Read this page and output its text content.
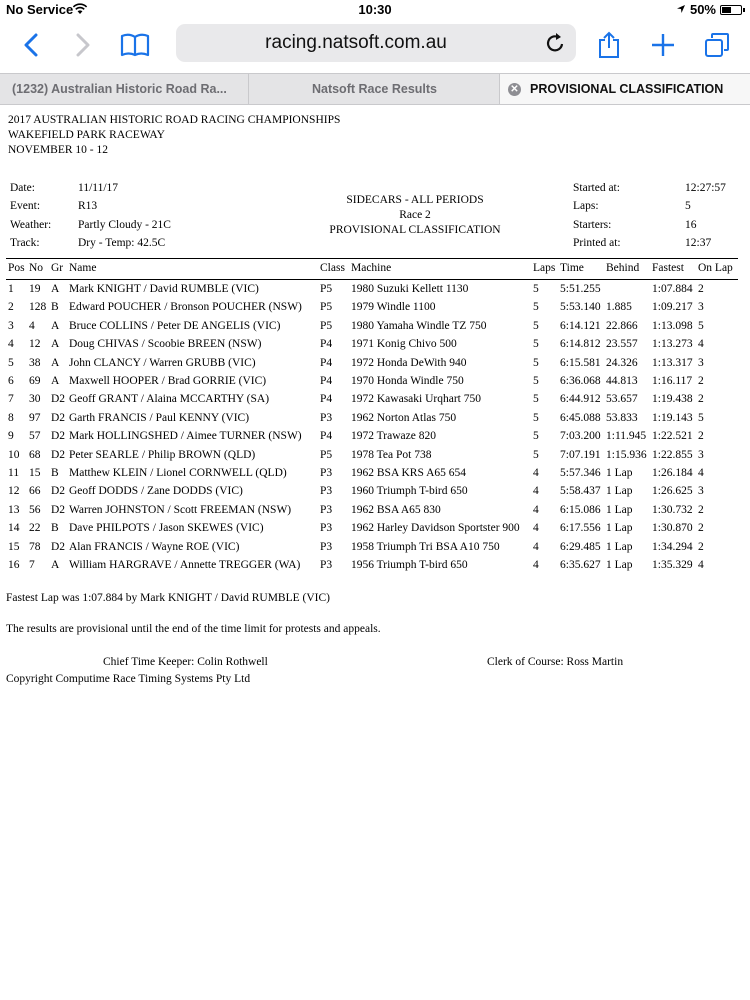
No Service	10:30	50%
racing.natsoft.com.au
(1232) Australian Historic Road Ra...	Natsoft Race Results	✕ PROVISIONAL CLASSIFICATION
2017 AUSTRALIAN HISTORIC ROAD RACING CHAMPIONSHIPS
WAKEFIELD PARK RACEWAY
NOVEMBER 10 - 12
Date:	11/11/17
Event:	R13
Weather: Partly Cloudy - 21C
Track:	Dry - Temp: 42.5C
SIDECARS - ALL PERIODS
Race 2
PROVISIONAL CLASSIFICATION
Started at:	12:27:57
Laps:	5
Starters:	16
Printed at:	12:37
Pos No Gr Name	Class Machine	Laps Time Behind Fastest On Lap
1 19 A Mark KNIGHT / David RUMBLE (VIC)	P5 1980 Suzuki Kellett 1130	5 5:51.255	1:07.884 2
2 128 B Edward POUCHER / Bronson POUCHER (NSW) P5 1979 Windle 1100	5 5:53.140 1.885 1:09.217 3
3 4 A Bruce COLLINS / Peter DE ANGELIS (VIC)	P5 1980 Yamaha Windle TZ 750	5 6:14.121 22.866 1:13.098 5
4 12 A Doug CHIVAS / Scoobie BREEN (NSW)	P4 1971 Konig Chivo 500	5 6:14.812 23.557 1:13.273 4
5 38 A John CLANCY / Warren GRUBB (VIC)	P4 1972 Honda DeWith 940	5 6:15.581 24.326 1:13.317 3
6 69 A Maxwell HOOPER / Brad GORRIE (VIC)	P4 1970 Honda Windle 750	5 6:36.068 44.813 1:16.117 2
7 30 D2 Geoff GRANT / Alaina MCCARTHY (SA)	P4 1972 Kawasaki Urqhart 750	5 6:44.912 53.657 1:19.438 2
8 97 D2 Garth FRANCIS / Paul KENNY (VIC)	P3 1962 Norton Atlas 750	5 6:45.088 53.833 1:19.143 5
9 57 D2 Mark HOLLINGSHED / Aimee TURNER (NSW) P4 1972 Trawaze 820	5 7:03.200 1:11.945 1:22.521 2
10 68 D2 Peter SEARLE / Philip BROWN (QLD)	P5 1978 Tea Pot 738	5 7:07.191 1:15.936 1:22.855 3
11 15 B Matthew KLEIN / Lionel CORNWELL (QLD)	P3 1962 BSA KRS A65 654	4 5:57.346 1 Lap 1:26.184 4
12 66 D2 Geoff DODDS / Zane DODDS (VIC)	P3 1960 Triumph T-bird 650	4 5:58.437 1 Lap 1:26.625 3
13 56 D2 Warren JOHNSTON / Scott FREEMAN (NSW)	P3 1962 BSA A65 830	4 6:15.086 1 Lap 1:30.732 2
14 22 B Dave PHILPOTS / Jason SKEWES (VIC)	P3 1962 Harley Davidson Sportster 900 4 6:17.556 1 Lap 1:30.870 2
15 78 D2 Alan FRANCIS / Wayne ROE (VIC)	P3 1958 Triumph Tri BSA A10 750	4 6:29.485 1 Lap 1:34.294 2
16 7 A William HARGRAVE / Annette TREGGER (WA) P3 1956 Triumph T-bird 650	4 6:35.627 1 Lap 1:35.329 4
Fastest Lap was 1:07.884 by Mark KNIGHT / David RUMBLE (VIC)
The results are provisional until the end of the time limit for protests and appeals.
Chief Time Keeper: Colin Rothwell	Clerk of Course: Ross Martin
Copyright Computime Race Timing Systems Pty Ltd
